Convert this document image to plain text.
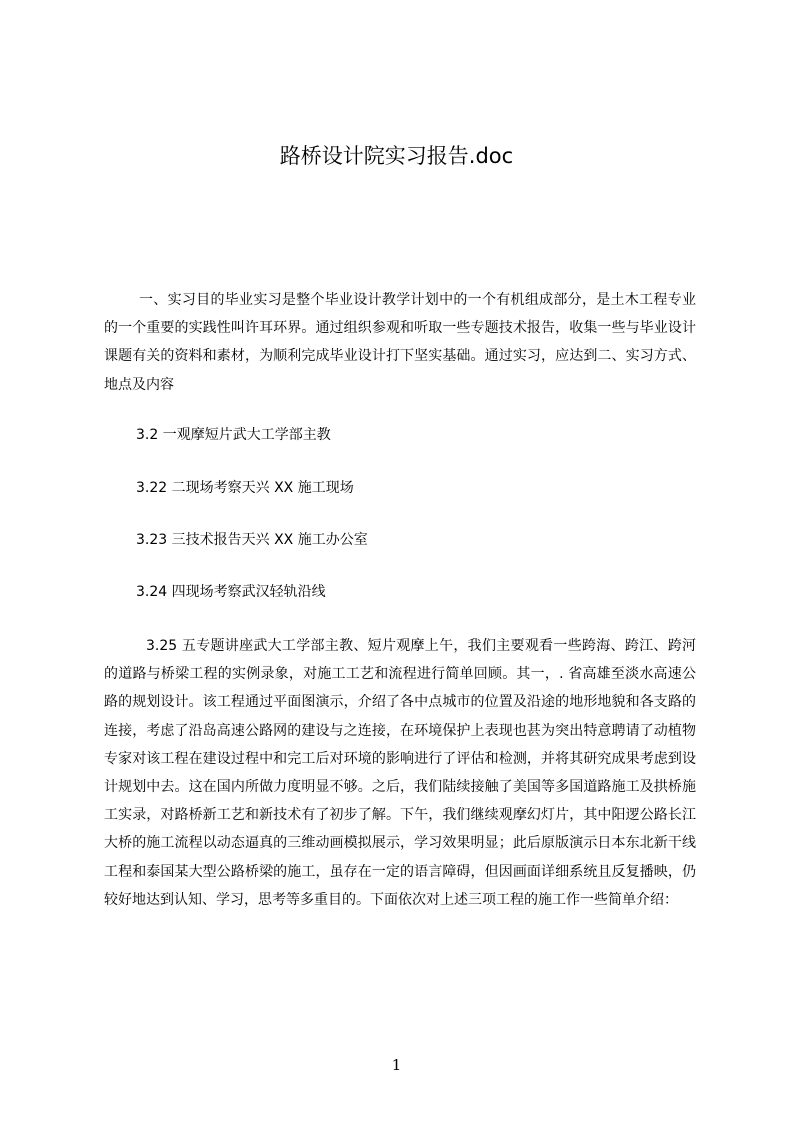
路桥设计院实习报告.doc

一、实习目的毕业实习是整个毕业设计教学计划中的一个有机组成部分，是土木工程专业的一个重要的实践性叫许耳环界。通过组织参观和听取一些专题技术报告，收集一些与毕业设计课题有关的资料和素材，为顺利完成毕业设计打下坚实基础。通过实习，应达到二、实习方式、地点及内容

3.2 一观摩短片武大工学部主教

3.22 二现场考察天兴 XX 施工现场

3.23 三技术报告天兴 XX 施工办公室

3.24 四现场考察武汉轻轨沿线

3.25 五专题讲座武大工学部主教、短片观摩上午，我们主要观看一些跨海、跨江、跨河的道路与桥梁工程的实例录象，对施工工艺和流程进行简单回顾。其一，. 省高雄至淡水高速公路的规划设计。该工程通过平面图演示，介绍了各中点城市的位置及沿途的地形地貌和各支路的连接，考虑了沿岛高速公路网的建设与之连接，在环境保护上表现也甚为突出特意聘请了动植物专家对该工程在建设过程中和完工后对环境的影响进行了评估和检测，并将其研究成果考虑到设计规划中去。这在国内所做力度明显不够。之后，我们陆续接触了美国等多国道路施工及拱桥施工实录，对路桥新工艺和新技术有了初步了解。下午，我们继续观摩幻灯片，其中阳逻公路长江大桥的施工流程以动态逼真的三维动画模拟展示，学习效果明显；此后原版演示日本东北新干线工程和泰国某大型公路桥梁的施工，虽存在一定的语言障碍，但因画面详细系统且反复播映，仍较好地达到认知、学习，思考等多重目的。下面依次对上述三项工程的施工作一些简单介绍：

1
